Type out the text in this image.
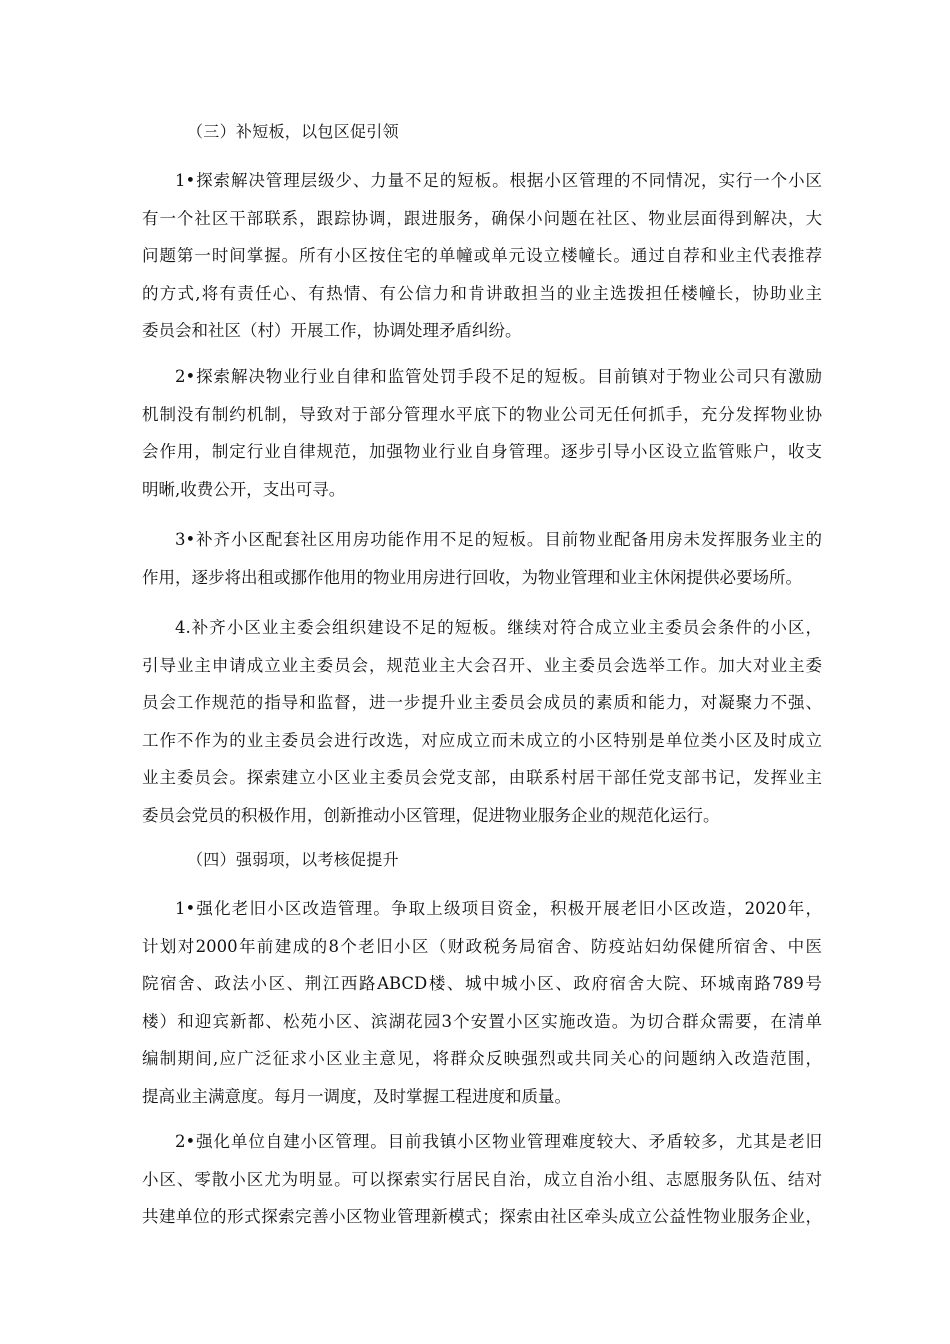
（三）补短板，以包区促引领
1•探索解决管理层级少、力量不足的短板。根据小区管理的不同情况，实行一个小区
有一个社区干部联系，跟踪协调，跟进服务，确保小问题在社区、物业层面得到解决，大
问题第一时间掌握。所有小区按住宅的单幢或单元设立楼幢长。通过自荐和业主代表推荐
的方式,将有责任心、有热情、有公信力和肯讲敢担当的业主选拨担任楼幢长，协助业主
委员会和社区（村）开展工作，协调处理矛盾纠纷。
2•探索解决物业行业自律和监管处罚手段不足的短板。目前镇对于物业公司只有激励
机制没有制约机制，导致对于部分管理水平底下的物业公司无任何抓手，充分发挥物业协
会作用，制定行业自律规范，加强物业行业自身管理。逐步引导小区设立监管账户，收支
明晰,收费公开，支出可寻。
3•补齐小区配套社区用房功能作用不足的短板。目前物业配备用房未发挥服务业主的
作用，逐步将出租或挪作他用的物业用房进行回收，为物业管理和业主休闲提供必要场所。
4.补齐小区业主委会组织建设不足的短板。继续对符合成立业主委员会条件的小区，
引导业主申请成立业主委员会，规范业主大会召开、业主委员会选举工作。加大对业主委
员会工作规范的指导和监督，进一步提升业主委员会成员的素质和能力，对凝聚力不强、
工作不作为的业主委员会进行改选，对应成立而未成立的小区特别是单位类小区及时成立
业主委员会。探索建立小区业主委员会党支部，由联系村居干部任党支部书记，发挥业主
委员会党员的积极作用，创新推动小区管理，促进物业服务企业的规范化运行。
（四）强弱项，以考核促提升
1•强化老旧小区改造管理。争取上级项目资金，积极开展老旧小区改造，2020年，
计划对2000年前建成的8个老旧小区（财政税务局宿舍、防疫站妇幼保健所宿舍、中医
院宿舍、政法小区、荆江西路ABCD楼、城中城小区、政府宿舍大院、环城南路789号
楼）和迎宾新都、松苑小区、滨湖花园3个安置小区实施改造。为切合群众需要，在清单
编制期间,应广泛征求小区业主意见，将群众反映强烈或共同关心的问题纳入改造范围，
提高业主满意度。每月一调度，及时掌握工程进度和质量。
2•强化单位自建小区管理。目前我镇小区物业管理难度较大、矛盾较多，尤其是老旧
小区、零散小区尤为明显。可以探索实行居民自治，成立自治小组、志愿服务队伍、结对
共建单位的形式探索完善小区物业管理新模式；探索由社区牵头成立公益性物业服务企业，
